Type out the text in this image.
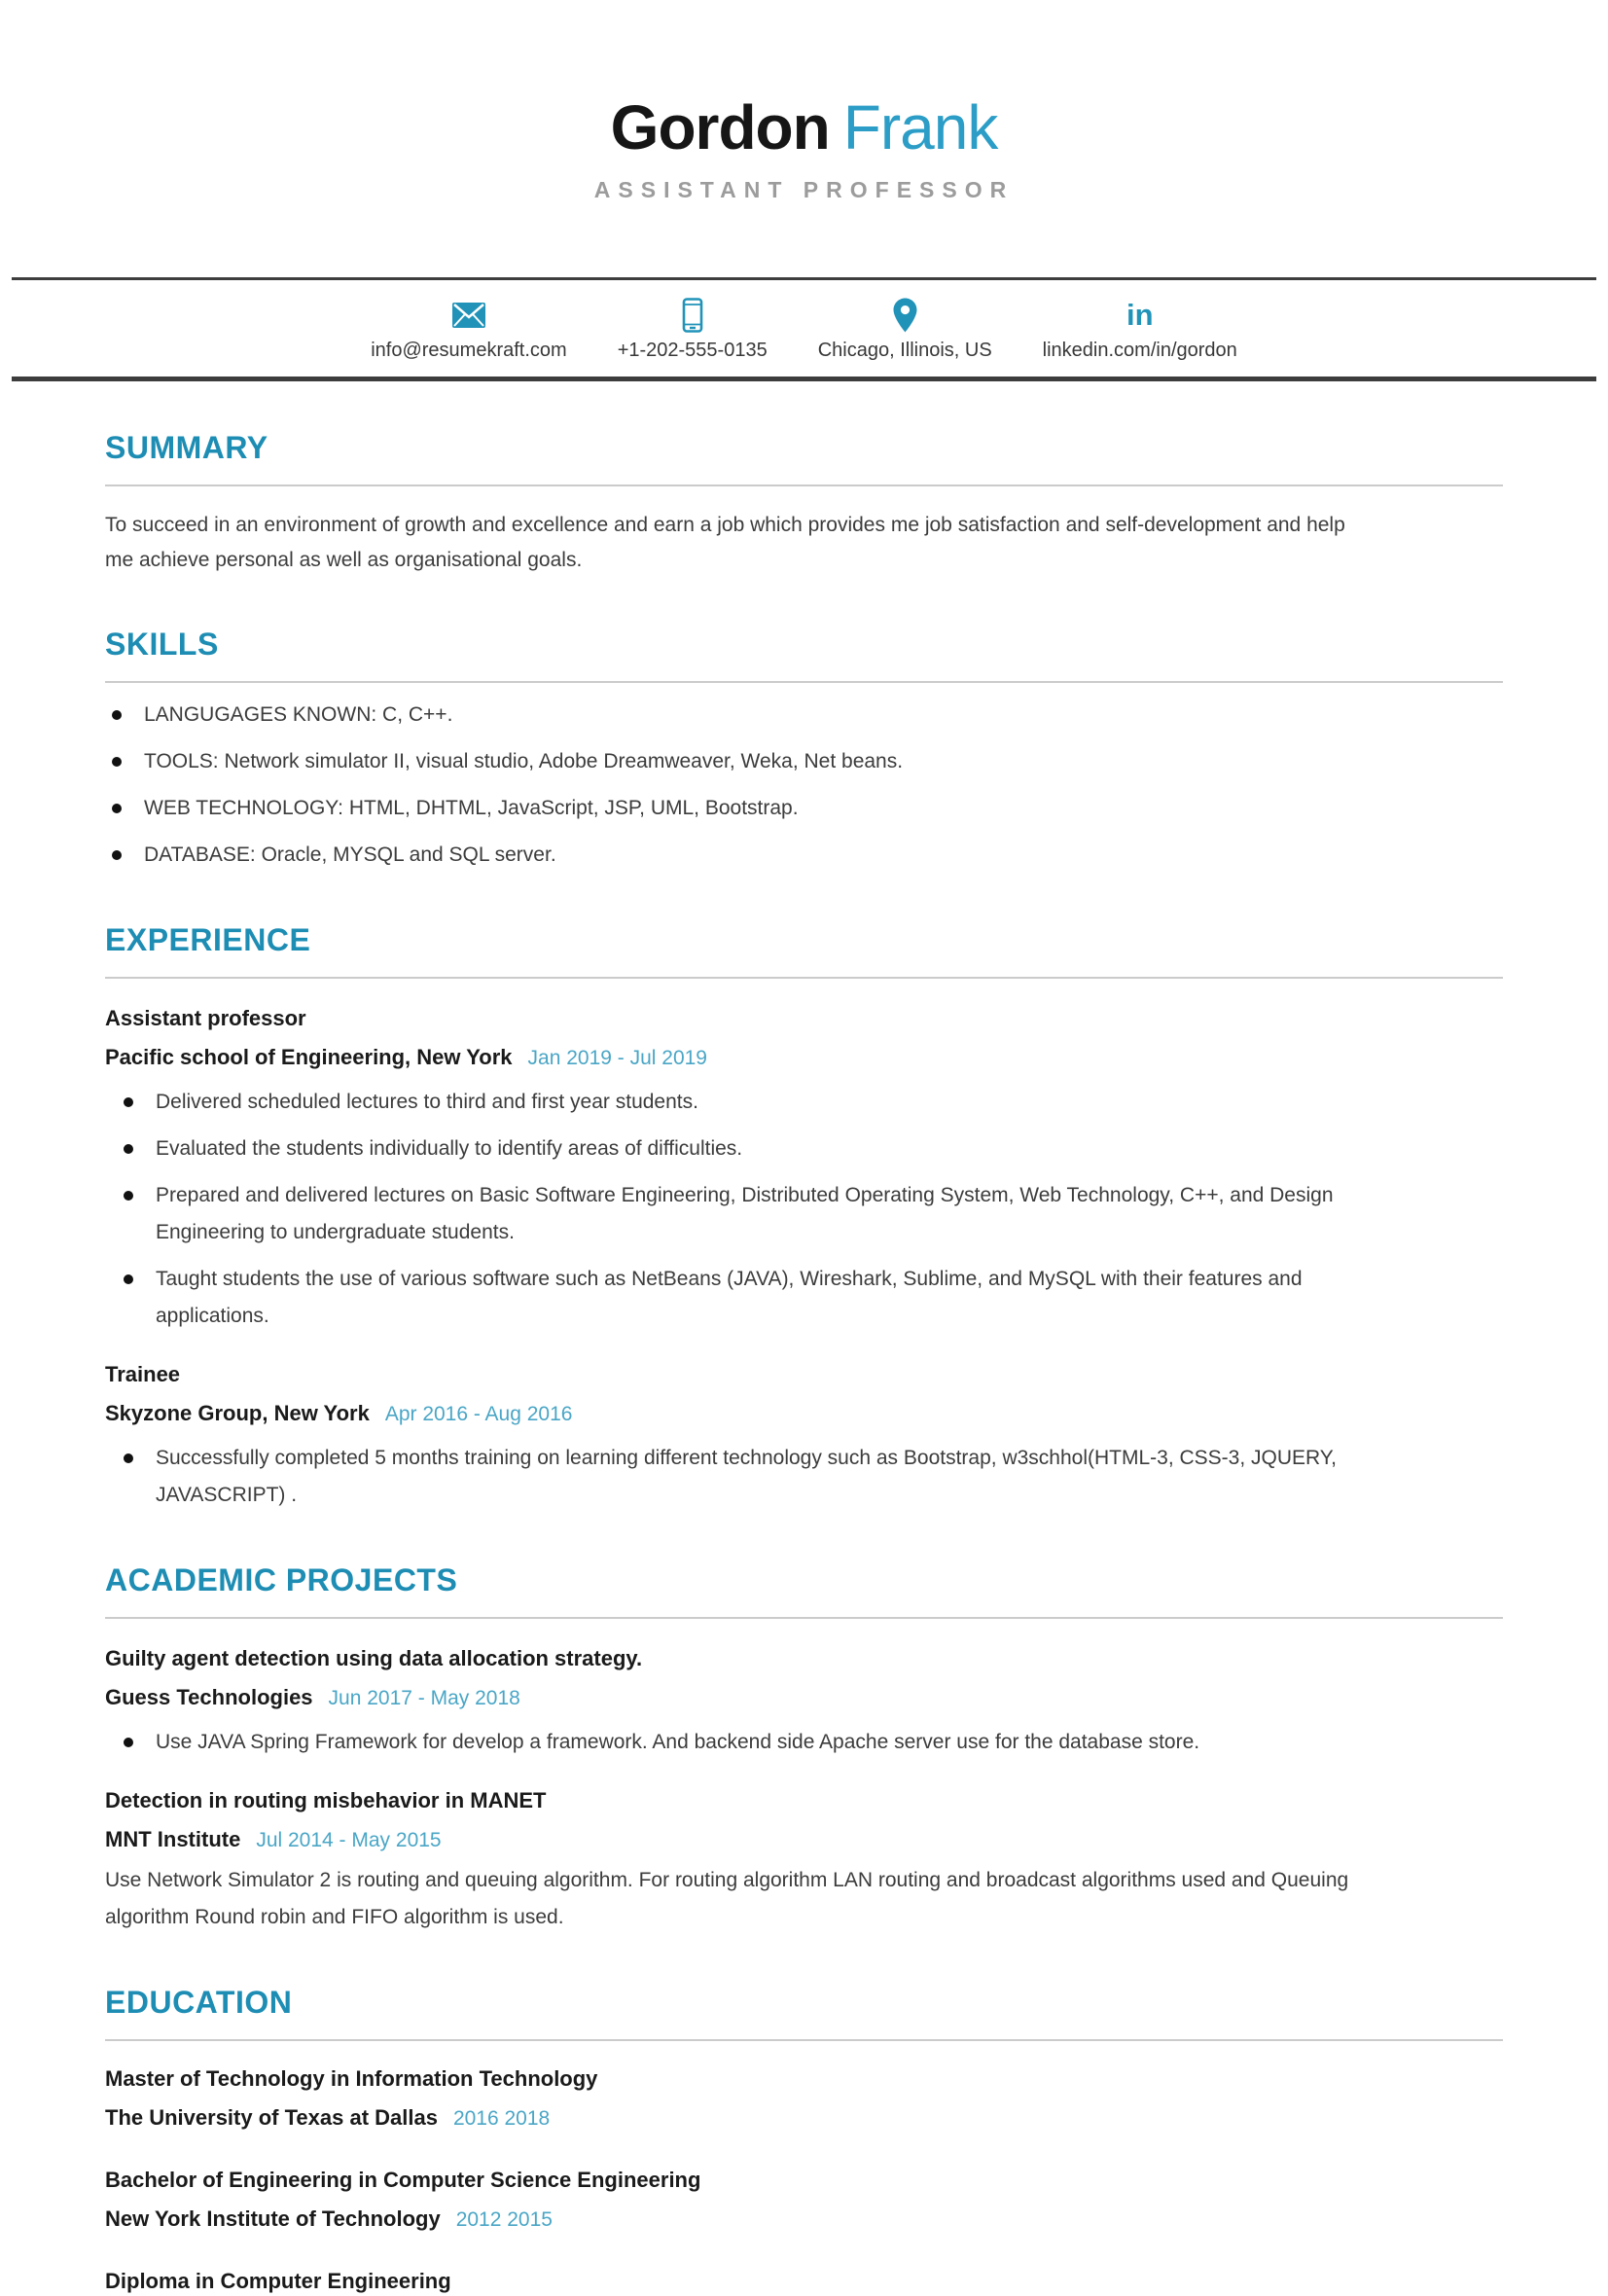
Gordon Frank
ASSISTANT PROFESSOR
info@resumekraft.com	+1-202-555-0135	Chicago, Illinois, US
in
linkedin.com/in/gordon
SUMMARY

To succeed in an environment of growth and excellence and earn a job which provides me job satisfaction and self-development and help me achieve personal as well as organisational goals.

SKILLS
LANGUGAGES KNOWN: C, C++.
TOOLS: Network simulator II, visual studio, Adobe Dreamweaver, Weka, Net beans.
WEB TECHNOLOGY: HTML, DHTML, JavaScript, JSP, UML, Bootstrap.
DATABASE: Oracle, MYSQL and SQL server.
EXPERIENCE
Assistant professor
Pacific school of Engineering, New York Jan 2019 - Jul 2019
Delivered scheduled lectures to third and first year students.
Evaluated the students individually to identify areas of difficulties.
Prepared and delivered lectures on Basic Software Engineering, Distributed Operating System, Web Technology, C++, and Design Engineering to undergraduate students.
Taught students the use of various software such as NetBeans (JAVA), Wireshark, Sublime, and MySQL with their features and applications.
Trainee
Skyzone Group, New York Apr 2016 - Aug 2016
Successfully completed 5 months training on learning different technology such as Bootstrap, w3schhol(HTML-3, CSS-3, JQUERY, JAVASCRIPT) .
ACADEMIC PROJECTS
Guilty agent detection using data allocation strategy.
Guess Technologies Jun 2017 - May 2018
Use JAVA Spring Framework for develop a framework. And backend side Apache server use for the database store.
Detection in routing misbehavior in MANET
MNT Institute Jul 2014 - May 2015

Use Network Simulator 2 is routing and queuing algorithm. For routing algorithm LAN routing and broadcast algorithms used and Queuing algorithm Round robin and FIFO algorithm is used.

EDUCATION
Master of Technology in Information Technology
The University of Texas at Dallas 2016 2018
Bachelor of Engineering in Computer Science Engineering
New York Institute of Technology 2012 2015
Diploma in Computer Engineering
